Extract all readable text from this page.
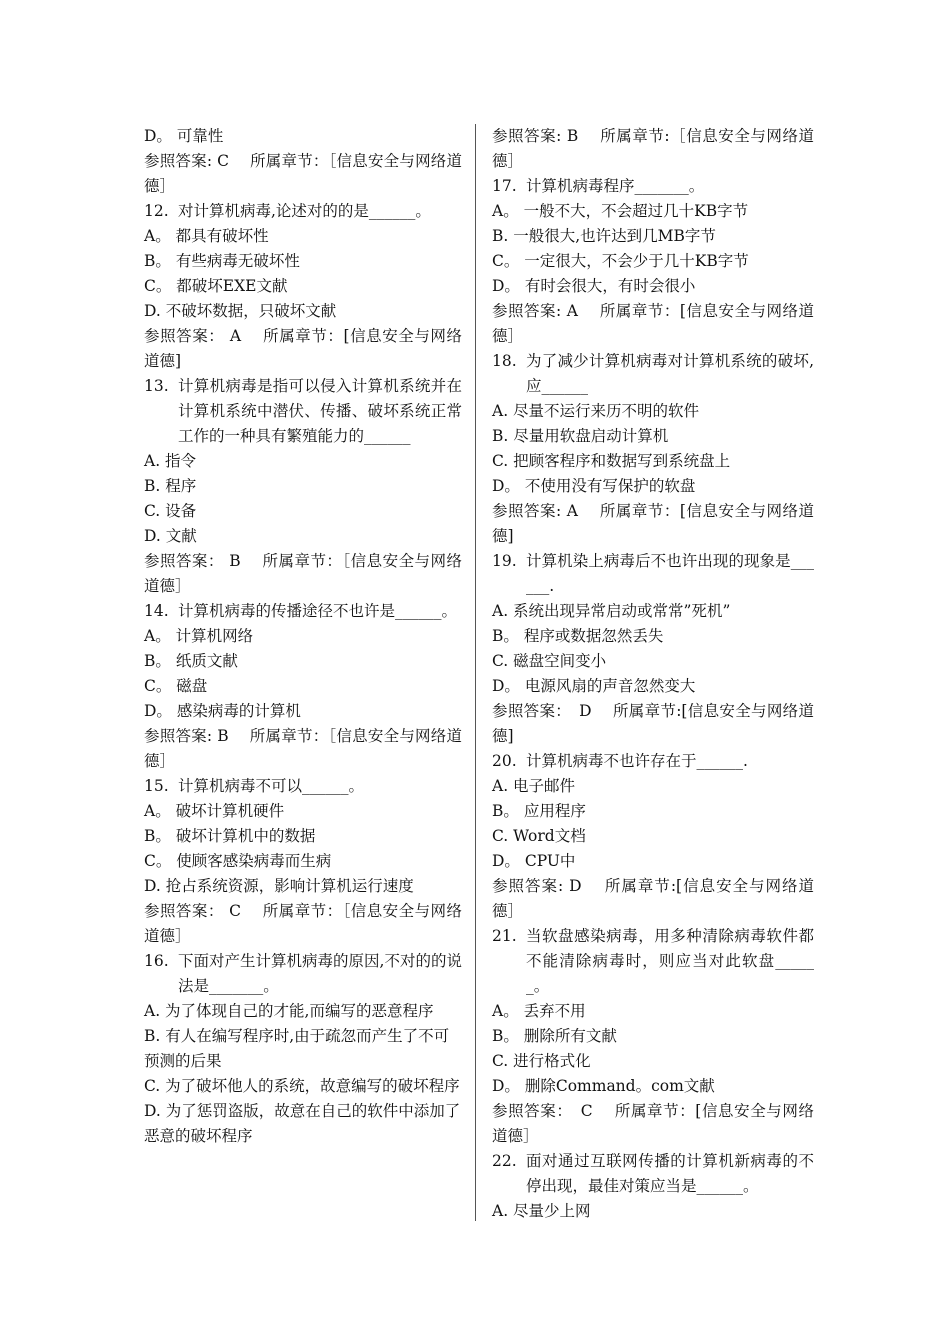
D。 可靠性
参照答案: C　 所属章节：［信息安全与网络道德］
12. 对计算机病毒,论述对的的是______。
A。 都具有破坏性
B。 有些病毒无破坏性
C。 都破坏EXE文献
D. 不破坏数据，只破坏文献
参照答案： A　 所属章节：[信息安全与网络道德]
13. 计算机病毒是指可以侵入计算机系统并在计算机系统中潜伏、传播、破坏系统正常工作的一种具有繁殖能力的______
A. 指令
B. 程序
C. 设备
D. 文献
参照答案： B　 所属章节：［信息安全与网络道德］
14. 计算机病毒的传播途径不也许是______。
A。 计算机网络
B。 纸质文献
C。 磁盘
D。 感染病毒的计算机
参照答案: B　 所属章节：［信息安全与网络道德］
15. 计算机病毒不可以______。
A。 破坏计算机硬件
B。 破坏计算机中的数据
C。 使顾客感染病毒而生病
D. 抢占系统资源，影响计算机运行速度
参照答案： C　 所属章节：［信息安全与网络道德］
16. 下面对产生计算机病毒的原因,不对的的说法是_______。
A. 为了体现自己的才能,而编写的恶意程序
B. 有人在编写程序时,由于疏忽而产生了不可预测的后果
C. 为了破坏他人的系统，故意编写的破坏程序
D. 为了惩罚盗版，故意在自己的软件中添加了恶意的破坏程序
参照答案: B　 所属章节:［信息安全与网络道德］
17. 计算机病毒程序_______。
A。 一般不大，不会超过几十KB字节
B. 一般很大,也许达到几MB字节
C。 一定很大，不会少于几十KB字节
D。 有时会很大，有时会很小
参照答案: A　 所属章节：[信息安全与网络道德］
18. 为了减少计算机病毒对计算机系统的破坏,应______
A. 尽量不运行来历不明的软件
B. 尽量用软盘启动计算机
C. 把顾客程序和数据写到系统盘上
D。 不使用没有写保护的软盘
参照答案: A　 所属章节：[信息安全与网络道德]
19. 计算机染上病毒后不也许出现的现象是______.
A. 系统出现异常启动或常常”死机”
B。 程序或数据忽然丢失
C. 磁盘空间变小
D。 电源风扇的声音忽然变大
参照答案：　D　 所属章节:[信息安全与网络道德]
20. 计算机病毒不也许存在于______.
A. 电子邮件
B。 应用程序
C. Word文档
D。 CPU中
参照答案: D　 所属章节:[信息安全与网络道德］
21. 当软盘感染病毒，用多种清除病毒软件都不能清除病毒时，则应当对此软盘______。
A。 丢弃不用
B。 删除所有文献
C. 进行格式化
D。 删除Command。com文献
参照答案：　C　 所属章节：[信息安全与网络道德］
22. 面对通过互联网传播的计算机新病毒的不停出现，最佳对策应当是______。
A. 尽量少上网
